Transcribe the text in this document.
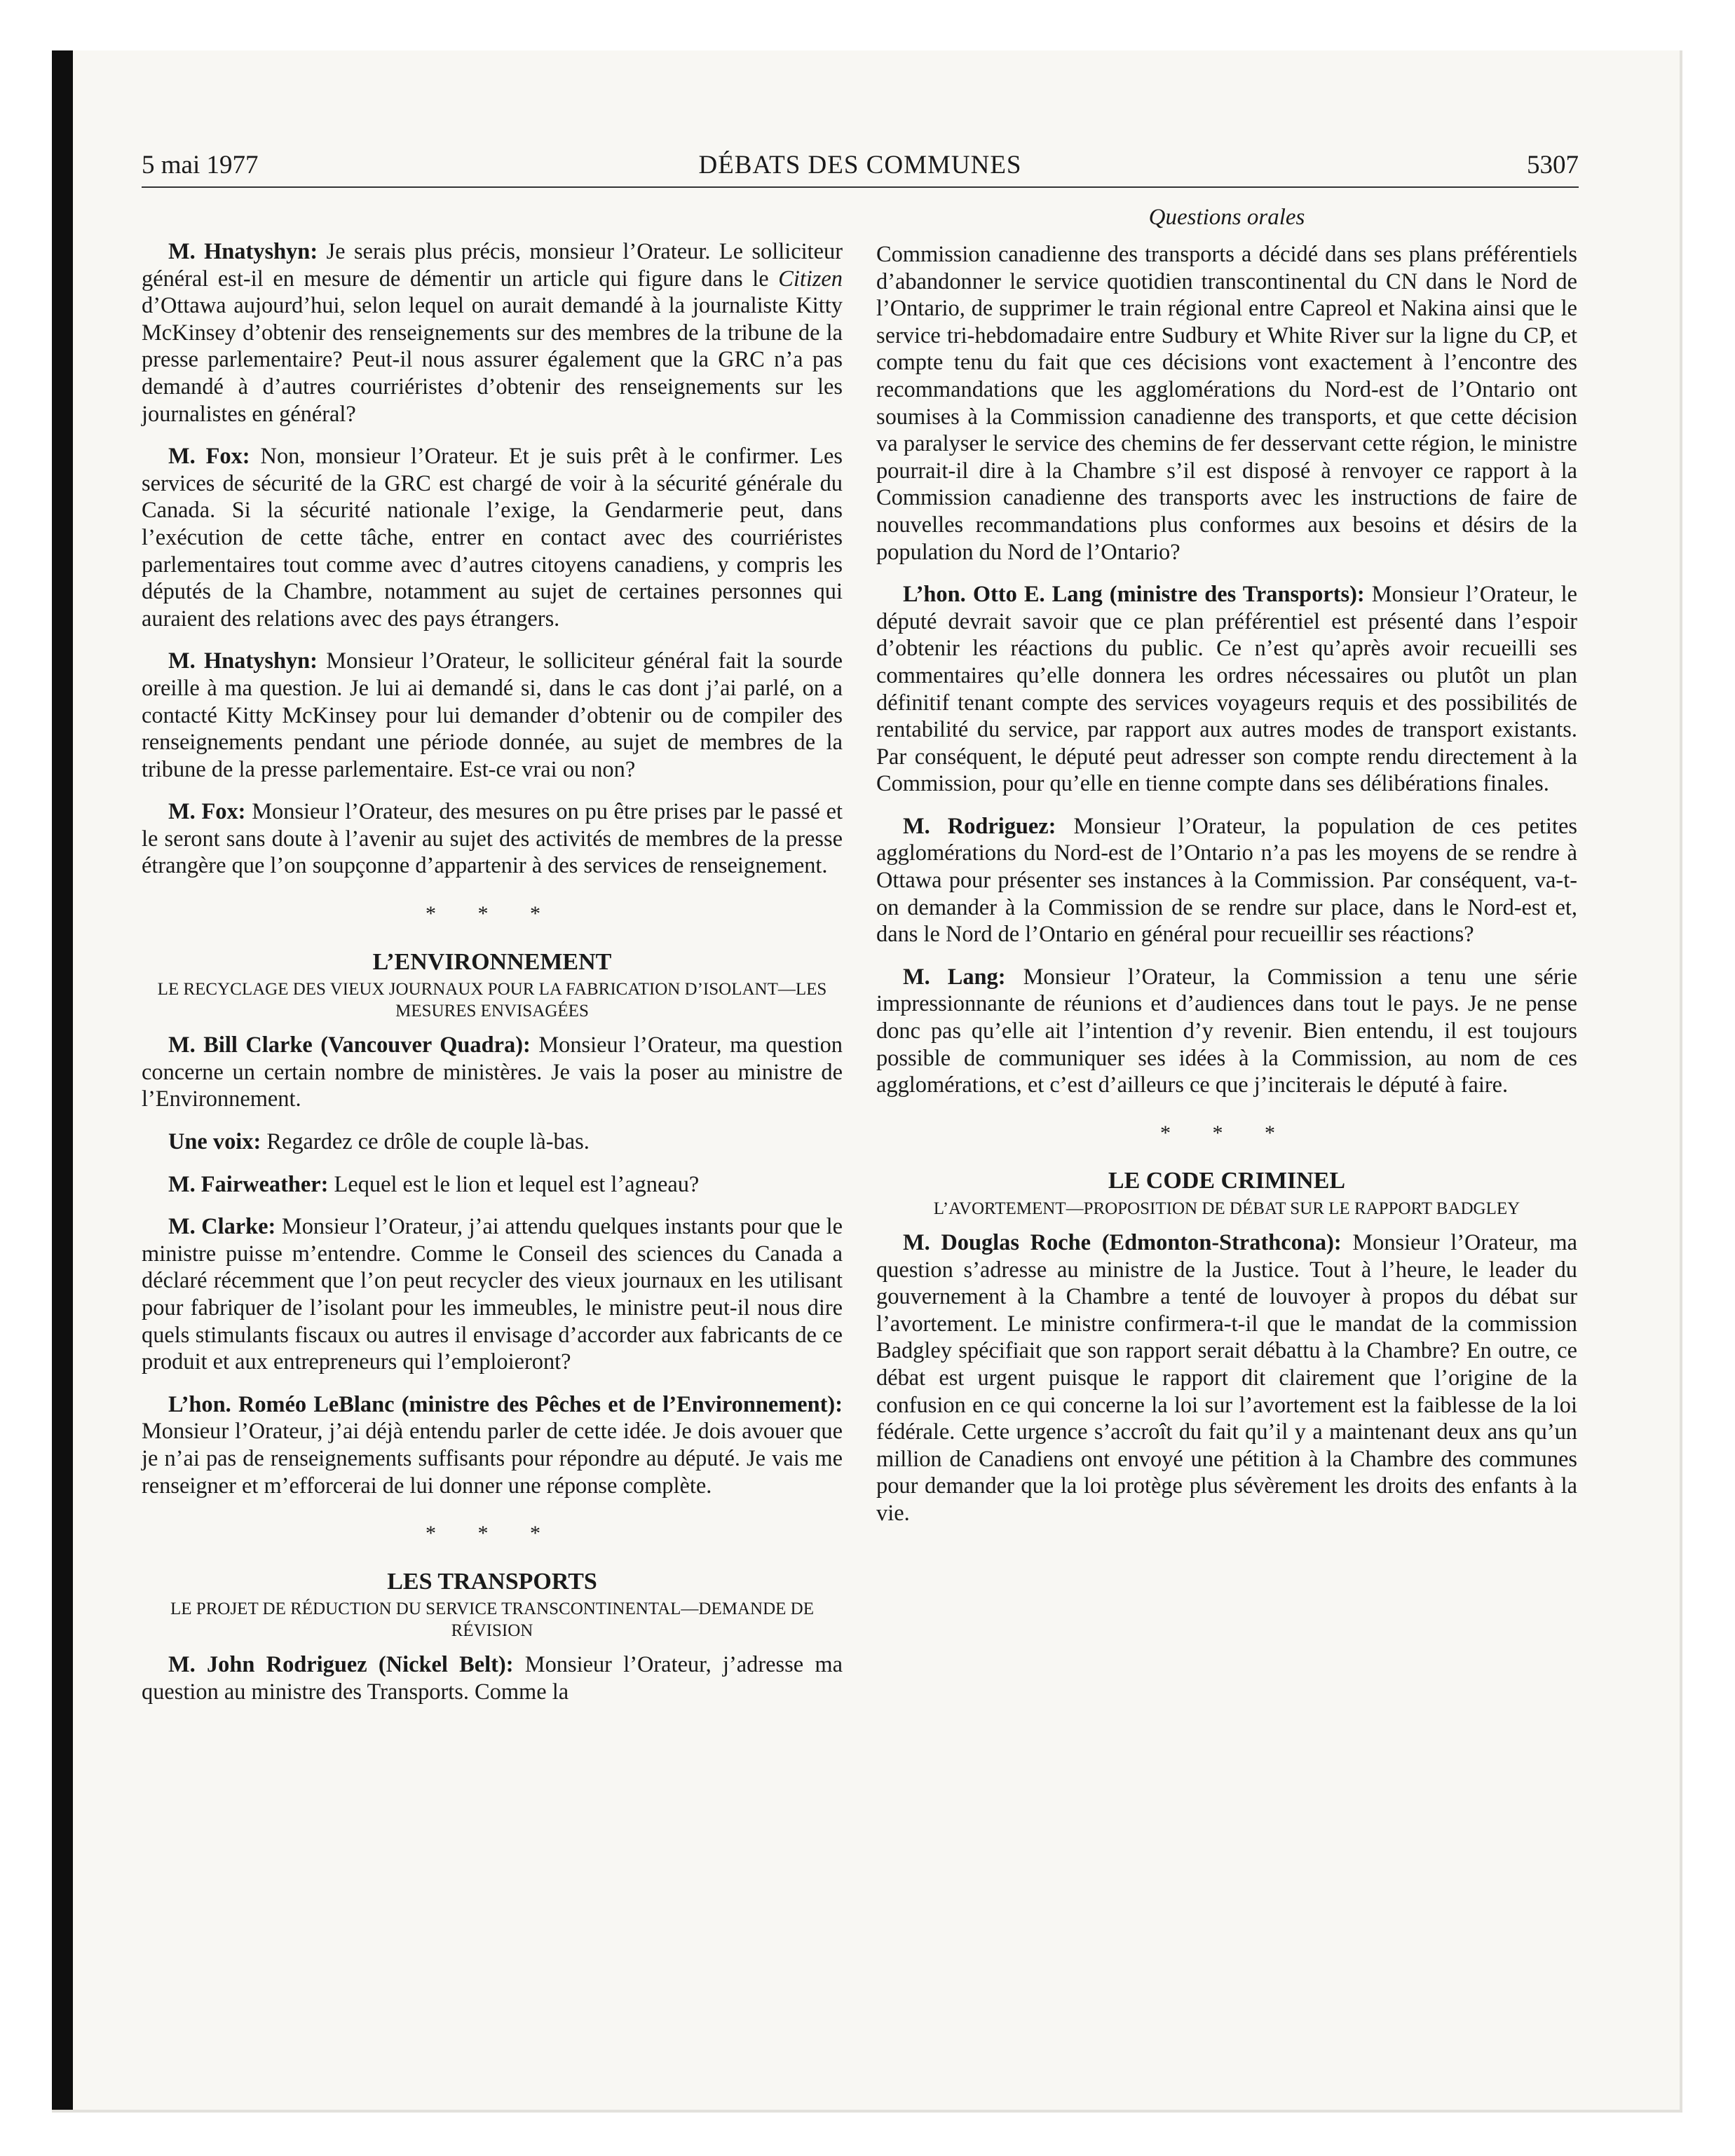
DÉBATS DES COMMUNES
5 mai 1977	5307
Questions orales

M. Hnatyshyn: Je serais plus précis, monsieur l’Orateur. Le solliciteur général est-il en mesure de démentir un article qui figure dans le Citizen d’Ottawa aujourd’hui, selon lequel on aurait demandé à la journaliste Kitty McKinsey d’obtenir des renseignements sur des membres de la tribune de la presse parlementaire? Peut-il nous assurer également que la GRC n’a pas demandé à d’autres courriéristes d’obtenir des renseignements sur les journalistes en général?

M. Fox: Non, monsieur l’Orateur. Et je suis prêt à le confirmer. Les services de sécurité de la GRC est chargé de voir à la sécurité générale du Canada. Si la sécurité nationale l’exige, la Gendarmerie peut, dans l’exécution de cette tâche, entrer en contact avec des courriéristes parlementaires tout comme avec d’autres citoyens canadiens, y compris les députés de la Chambre, notamment au sujet de certaines personnes qui auraient des relations avec des pays étrangers.

M. Hnatyshyn: Monsieur l’Orateur, le solliciteur général fait la sourde oreille à ma question. Je lui ai demandé si, dans le cas dont j’ai parlé, on a contacté Kitty McKinsey pour lui demander d’obtenir ou de compiler des renseignements pendant une période donnée, au sujet de membres de la tribune de la presse parlementaire. Est-ce vrai ou non?

M. Fox: Monsieur l’Orateur, des mesures on pu être prises par le passé et le seront sans doute à l’avenir au sujet des activités de membres de la presse étrangère que l’on soupçonne d’appartenir à des services de renseignement.

* * *
L’ENVIRONNEMENT
LE RECYCLAGE DES VIEUX JOURNAUX POUR LA FABRICATION D’ISOLANT—LES MESURES ENVISAGÉES

M. Bill Clarke (Vancouver Quadra): Monsieur l’Orateur, ma question concerne un certain nombre de ministères. Je vais la poser au ministre de l’Environnement.

Une voix: Regardez ce drôle de couple là-bas.

M. Fairweather: Lequel est le lion et lequel est l’agneau?

M. Clarke: Monsieur l’Orateur, j’ai attendu quelques instants pour que le ministre puisse m’entendre. Comme le Conseil des sciences du Canada a déclaré récemment que l’on peut recycler des vieux journaux en les utilisant pour fabriquer de l’isolant pour les immeubles, le ministre peut-il nous dire quels stimulants fiscaux ou autres il envisage d’accorder aux fabricants de ce produit et aux entrepreneurs qui l’emploieront?

L’hon. Roméo LeBlanc (ministre des Pêches et de l’Environnement): Monsieur l’Orateur, j’ai déjà entendu parler de cette idée. Je dois avouer que je n’ai pas de renseignements suffisants pour répondre au député. Je vais me renseigner et m’efforcerai de lui donner une réponse complète.

* * *
LES TRANSPORTS
LE PROJET DE RÉDUCTION DU SERVICE TRANSCONTINENTAL—DEMANDE DE RÉVISION

M. John Rodriguez (Nickel Belt): Monsieur l’Orateur, j’adresse ma question au ministre des Transports. Comme la

Commission canadienne des transports a décidé dans ses plans préférentiels d’abandonner le service quotidien transcontinental du CN dans le Nord de l’Ontario, de supprimer le train régional entre Capreol et Nakina ainsi que le service tri-hebdomadaire entre Sudbury et White River sur la ligne du CP, et compte tenu du fait que ces décisions vont exactement à l’encontre des recommandations que les agglomérations du Nord-est de l’Ontario ont soumises à la Commission canadienne des transports, et que cette décision va paralyser le service des chemins de fer desservant cette région, le ministre pourrait-il dire à la Chambre s’il est disposé à renvoyer ce rapport à la Commission canadienne des transports avec les instructions de faire de nouvelles recommandations plus conformes aux besoins et désirs de la population du Nord de l’Ontario?

L’hon. Otto E. Lang (ministre des Transports): Monsieur l’Orateur, le député devrait savoir que ce plan préférentiel est présenté dans l’espoir d’obtenir les réactions du public. Ce n’est qu’après avoir recueilli ses commentaires qu’elle donnera les ordres nécessaires ou plutôt un plan définitif tenant compte des services voyageurs requis et des possibilités de rentabilité du service, par rapport aux autres modes de transport existants. Par conséquent, le député peut adresser son compte rendu directement à la Commission, pour qu’elle en tienne compte dans ses délibérations finales.

M. Rodriguez: Monsieur l’Orateur, la population de ces petites agglomérations du Nord-est de l’Ontario n’a pas les moyens de se rendre à Ottawa pour présenter ses instances à la Commission. Par conséquent, va-t-on demander à la Commission de se rendre sur place, dans le Nord-est et, dans le Nord de l’Ontario en général pour recueillir ses réactions?

M. Lang: Monsieur l’Orateur, la Commission a tenu une série impressionnante de réunions et d’audiences dans tout le pays. Je ne pense donc pas qu’elle ait l’intention d’y revenir. Bien entendu, il est toujours possible de communiquer ses idées à la Commission, au nom de ces agglomérations, et c’est d’ailleurs ce que j’inciterais le député à faire.

* * *
LE CODE CRIMINEL
L’AVORTEMENT—PROPOSITION DE DÉBAT SUR LE RAPPORT BADGLEY

M. Douglas Roche (Edmonton-Strathcona): Monsieur l’Orateur, ma question s’adresse au ministre de la Justice. Tout à l’heure, le leader du gouvernement à la Chambre a tenté de louvoyer à propos du débat sur l’avortement. Le ministre confirmera-t-il que le mandat de la commission Badgley spécifiait que son rapport serait débattu à la Chambre? En outre, ce débat est urgent puisque le rapport dit clairement que l’origine de la confusion en ce qui concerne la loi sur l’avortement est la faiblesse de la loi fédérale. Cette urgence s’accroît du fait qu’il y a maintenant deux ans qu’un million de Canadiens ont envoyé une pétition à la Chambre des communes pour demander que la loi protège plus sévèrement les droits des enfants à la vie.
